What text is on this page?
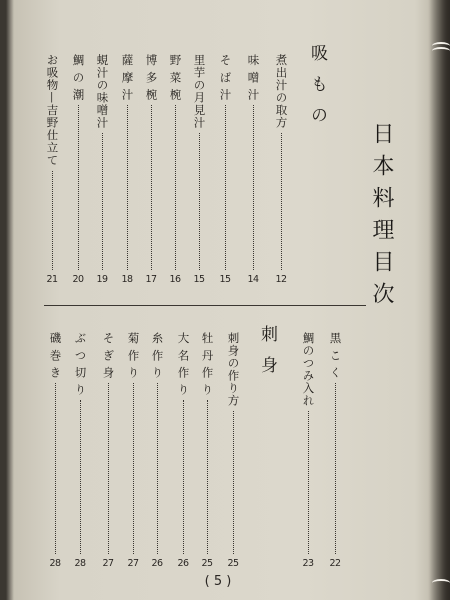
日本料理目次
吸もの
煮出汁の取方
12
味 噌 汁
14
そ ば 汁
15
里芋の月見汁
15
野 菜 椀
16
博 多 椀
17
薩 摩 汁
18
蜆汁の味噌汁
19
鯛 の 潮
20
お吸物—吉野仕立て
21
刺身	黒 こ く
22
鯛のつみ入れ
23
刺身の作り方
25
牡 丹 作 り
25
大 名 作 り
26
糸 作 り
26
菊 作 り
27
そ ぎ 身
27
ぶ つ 切 り
28
磯 巻 き
28
( 5 )
